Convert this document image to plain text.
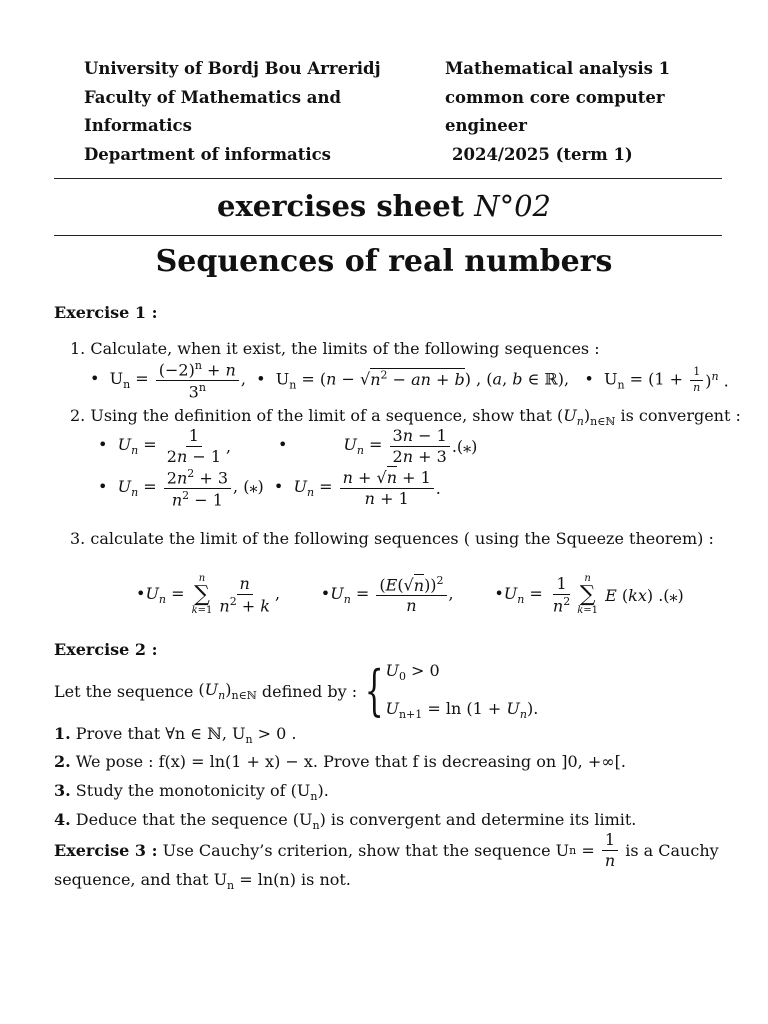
University of Bordj Bou Arreridj
Faculty of Mathematics and
Informatics
Department of informatics
Mathematical analysis 1
common core computer
engineer
2024/2025 (term 1)
exercises sheet N°02
Sequences of real numbers
Exercise 1 :
1. Calculate, when it exist, the limits of the following sequences :
•  $U_n = \frac{(-2)^n + n}{3^n}$ ,  •  $U_n = (n - √n^2$ − an + b) , (a, b ∈ ℝ),   •  $U_n = (1 + \frac{1}{n} )^n$ .
2. Using the definition of the limit of a sequence, show that $(U_n)_{n\in ℕ}$ is convergent :
•  $U_n = \frac{1}{2n - 1}$ ,	•           $U_n = \frac{3n - 1}{2n + 3}$ .(⁎)
•  $U_n = \frac{2n^2 + 3}{n^2 - 1}$ , (⁎)  •  $U_n = \frac{n + √n + 1}{n + 1}$ .
3. calculate the limit of the following sequences ( using the Squeeze theorem) :
$•U_n$ =
n
∑
$k=1 \frac{n}{n^2 + k}$ ,        $•U_n = \frac{(E(√n))^2}{n}$ ,        $•U_n = \frac{1}{n^2}$ n
∑
k=1
E (kx) .(⁎)
Exercise 2 :
Let the sequence $(U_n)_{n\in ℕ}$ defined by : { $U_0 > 0$
$U_{n+1} = \ln (1 + U_n)$.
1. Prove that ∀n ∈ ℕ, $U_n > 0$ .
2. We pose : f(x) = ln(1 + x) − x. Prove that f is decreasing on ]0, +∞[.
3. Study the monotonicity of $(U_n)$.
4. Deduce that the sequence $(U_n)$ is convergent and determine its limit.
Exercise 3 :
Use Cauchy’s criterion, show that the sequence U $n = \frac{1}{n}$
is a Cauchy
sequence, and that $U_n = \ln(n)$ is not.
